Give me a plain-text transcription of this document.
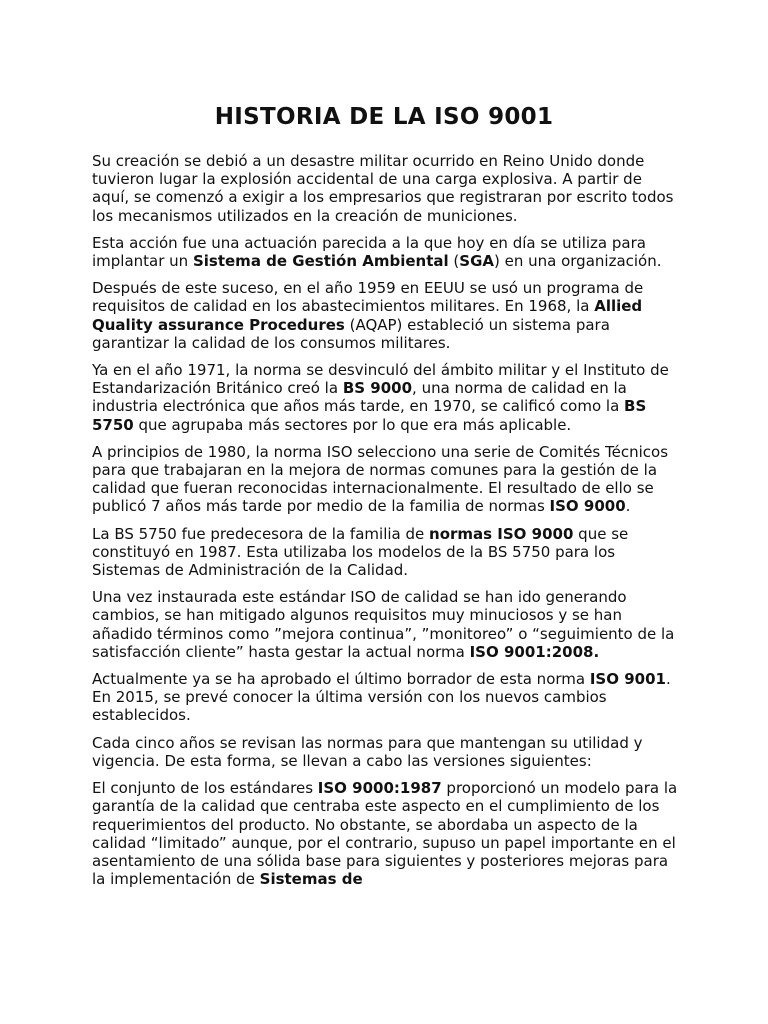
HISTORIA DE LA ISO 9001

Su creación se debió a un desastre militar ocurrido en Reino Unido donde tuvieron lugar la explosión accidental de una carga explosiva. A partir de aquí, se comenzó a exigir a los empresarios que registraran por escrito todos los mecanismos utilizados en la creación de municiones.

Esta acción fue una actuación parecida a la que hoy en día se utiliza para implantar un Sistema de Gestión Ambiental (SGA) en una organización.

Después de este suceso, en el año 1959 en EEUU se usó un programa de requisitos de calidad en los abastecimientos militares. En 1968, la Allied Quality assurance Procedures (AQAP) estableció un sistema para garantizar la calidad de los consumos militares.

Ya en el año 1971, la norma se desvinculó del ámbito militar y el Instituto de Estandarización Británico creó la BS 9000, una norma de calidad en la industria electrónica que años más tarde, en 1970, se calificó como la BS 5750 que agrupaba más sectores por lo que era más aplicable.

A principios de 1980, la norma ISO selecciono una serie de Comités Técnicos para que trabajaran en la mejora de normas comunes para la gestión de la calidad que fueran reconocidas internacionalmente. El resultado de ello se publicó 7 años más tarde por medio de la familia de normas ISO 9000.

La BS 5750 fue predecesora de la familia de normas ISO 9000 que se constituyó en 1987. Esta utilizaba los modelos de la BS 5750 para los Sistemas de Administración de la Calidad.

Una vez instaurada este estándar ISO de calidad se han ido generando cambios, se han mitigado algunos requisitos muy minuciosos y se han añadido términos como ”mejora continua”, ”monitoreo” o “seguimiento de la satisfacción cliente” hasta gestar la actual norma ISO 9001:2008.

Actualmente ya se ha aprobado el último borrador de esta norma ISO 9001. En 2015, se prevé conocer la última versión con los nuevos cambios establecidos.

Cada cinco años se revisan las normas para que mantengan su utilidad y vigencia. De esta forma, se llevan a cabo las versiones siguientes:

El conjunto de los estándares ISO 9000:1987 proporcionó un modelo para la garantía de la calidad que centraba este aspecto en el cumplimiento de los requerimientos del producto. No obstante, se abordaba un aspecto de la calidad “limitado” aunque, por el contrario, supuso un papel importante en el asentamiento de una sólida base para siguientes y posteriores mejoras para la implementación de Sistemas de
